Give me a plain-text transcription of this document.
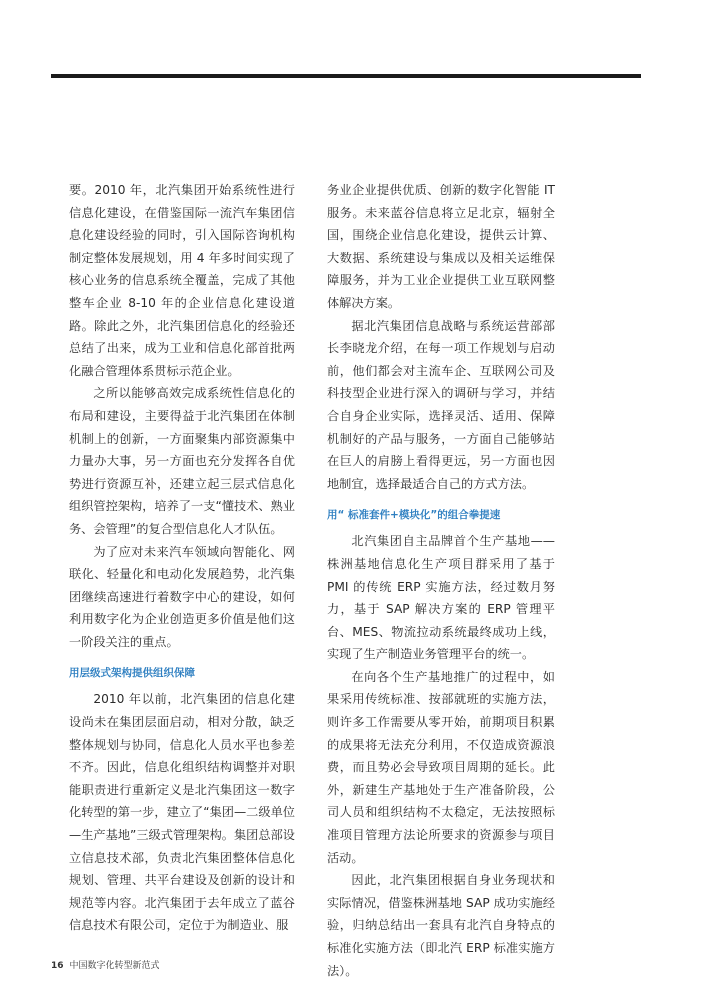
要。2010 年，北汽集团开始系统性进行信息化建设，在借鉴国际一流汽车集团信息化建设经验的同时，引入国际咨询机构制定整体发展规划，用 4 年多时间实现了核心业务的信息系统全覆盖，完成了其他整车企业 8-10 年的企业信息化建设道路。除此之外，北汽集团信息化的经验还总结了出来，成为工业和信息化部首批两化融合管理体系贯标示范企业。

之所以能够高效完成系统性信息化的布局和建设，主要得益于北汽集团在体制机制上的创新，一方面聚集内部资源集中力量办大事，另一方面也充分发挥各自优势进行资源互补，还建立起三层式信息化组织管控架构，培养了一支“懂技术、熟业务、会管理”的复合型信息化人才队伍。

为了应对未来汽车领域向智能化、网联化、轻量化和电动化发展趋势，北汽集团继续高速进行着数字中心的建设，如何利用数字化为企业创造更多价值是他们这一阶段关注的重点。

用层级式架构提供组织保障

2010 年以前，北汽集团的信息化建设尚未在集团层面启动，相对分散，缺乏整体规划与协同，信息化人员水平也参差不齐。因此，信息化组织结构调整并对职能职责进行重新定义是北汽集团这一数字化转型的第一步，建立了“集团—二级单位—生产基地”三级式管理架构。集团总部设立信息技术部，负责北汽集团整体信息化规划、管理、共平台建设及创新的设计和规范等内容。北汽集团于去年成立了蓝谷信息技术有限公司，定位于为制造业、服

务业企业提供优质、创新的数字化智能 IT 服务。未来蓝谷信息将立足北京，辐射全国，围绕企业信息化建设，提供云计算、大数据、系统建设与集成以及相关运维保障服务，并为工业企业提供工业互联网整体解决方案。

据北汽集团信息战略与系统运营部部长李晓龙介绍，在每一项工作规划与启动前，他们都会对主流车企、互联网公司及科技型企业进行深入的调研与学习，并结合自身企业实际，选择灵活、适用、保障机制好的产品与服务，一方面自己能够站在巨人的肩膀上看得更远，另一方面也因地制宜，选择最适合自己的方式方法。

用“ 标准套件+模块化”的组合拳提速

北汽集团自主品牌首个生产基地——株洲基地信息化生产项目群采用了基于 PMI 的传统 ERP 实施方法，经过数月努力，基于 SAP 解决方案的 ERP 管理平台、MES、物流拉动系统最终成功上线，实现了生产制造业务管理平台的统一。

在向各个生产基地推广的过程中，如果采用传统标准、按部就班的实施方法，则许多工作需要从零开始，前期项目积累的成果将无法充分利用，不仅造成资源浪费，而且势必会导致项目周期的延长。此外，新建生产基地处于生产准备阶段，公司人员和组织结构不太稳定，无法按照标准项目管理方法论所要求的资源参与项目活动。

因此，北汽集团根据自身业务现状和实际情况，借鉴株洲基地 SAP 成功实施经验，归纳总结出一套具有北汽自身特点的标准化实施方法（即北汽 ERP 标准实施方法）。

16 中国数字化转型新范式
